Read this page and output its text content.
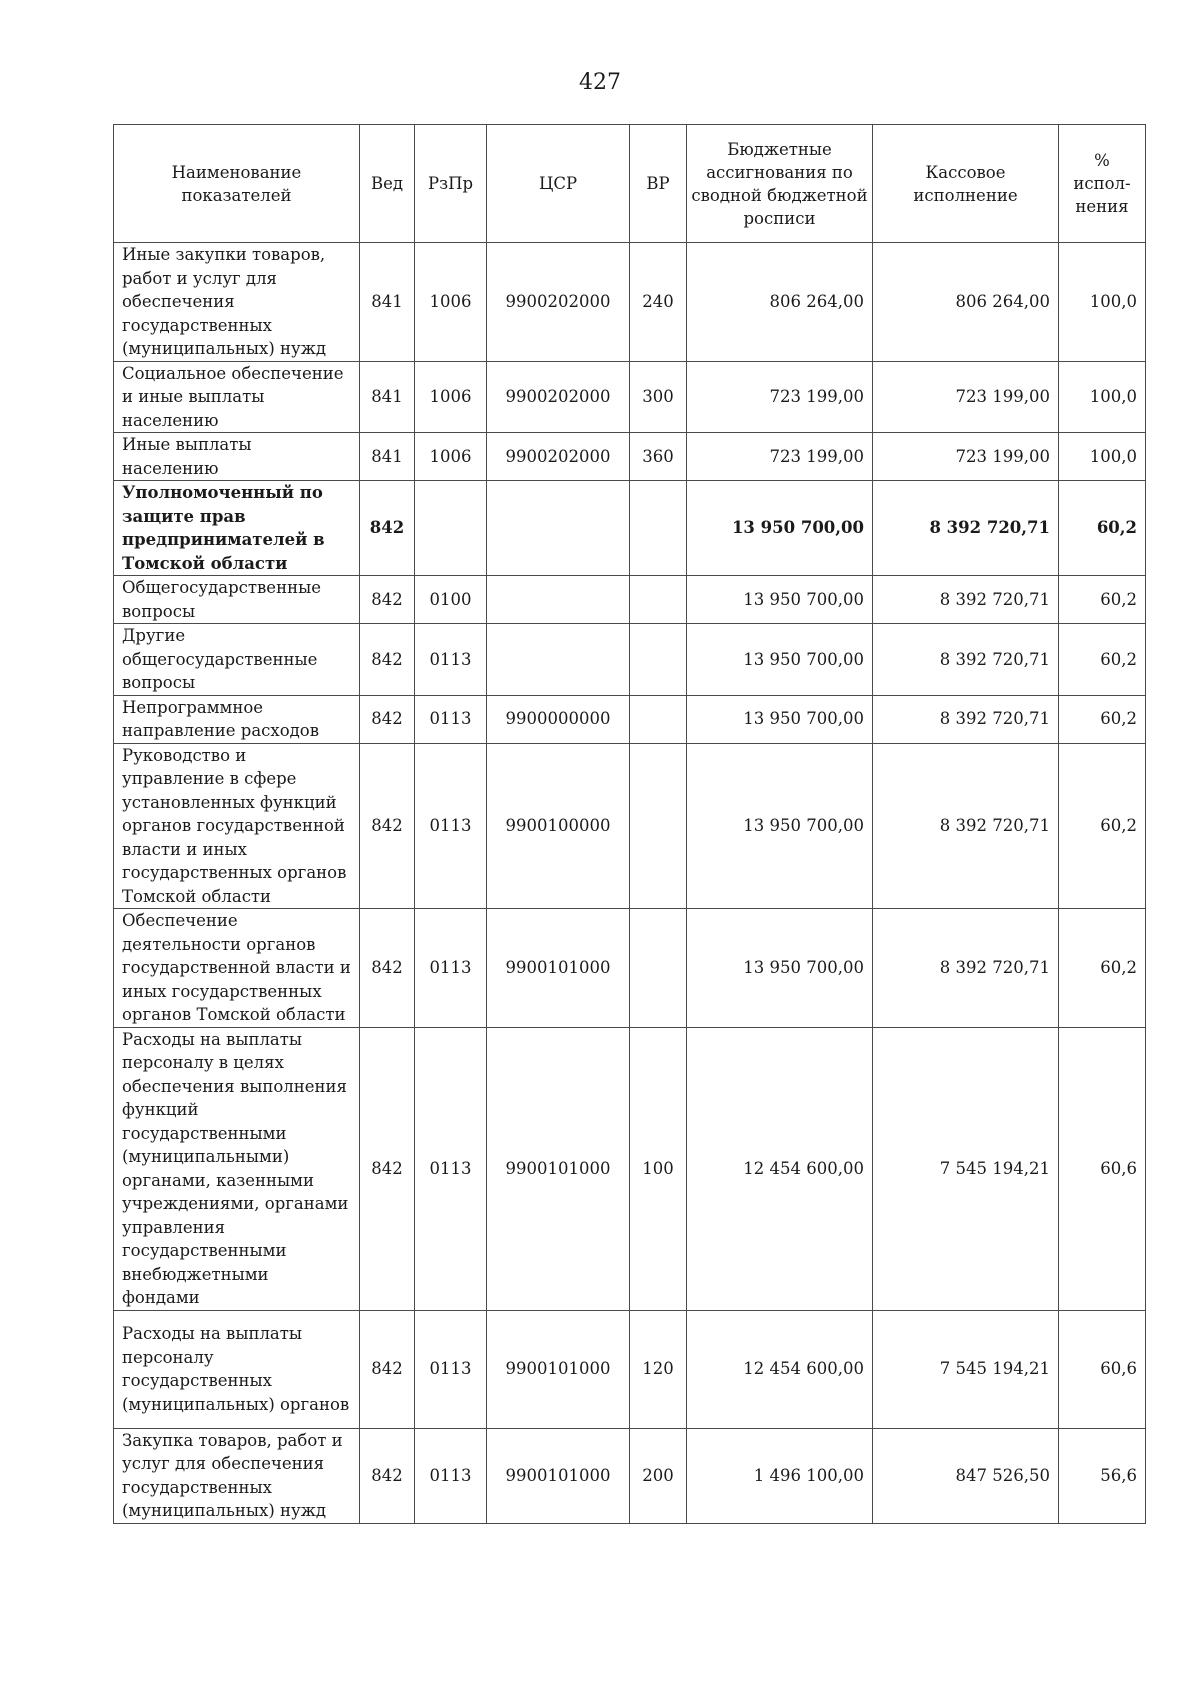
427
Наименование показателей	Вед	РзПр	ЦСР	ВР	Бюджетные ассигнования по сводной бюджетной росписи	Кассовое исполнение	% испол-нения
Иные закупки товаров, работ и услуг для обеспечения государственных (муниципальных) нужд	841	1006	9900202000	240	806 264,00	806 264,00	100,0
Социальное обеспечение и иные выплаты населению	841	1006	9900202000	300	723 199,00	723 199,00	100,0
Иные выплаты населению	841	1006	9900202000	360	723 199,00	723 199,00	100,0
Уполномоченный по защите прав предпринимателей в Томской области	842				13 950 700,00	8 392 720,71	60,2
Общегосударственные вопросы	842	0100			13 950 700,00	8 392 720,71	60,2
Другие общегосударственные вопросы	842	0113			13 950 700,00	8 392 720,71	60,2
Непрограммное направление расходов	842	0113	9900000000		13 950 700,00	8 392 720,71	60,2
Руководство и управление в сфере установленных функций органов государственной власти и иных государственных органов Томской области	842	0113	9900100000		13 950 700,00	8 392 720,71	60,2
Обеспечение деятельности органов государственной власти и иных государственных органов Томской области	842	0113	9900101000		13 950 700,00	8 392 720,71	60,2
Расходы на выплаты персоналу в целях обеспечения выполнения функций государственными (муниципальными) органами, казенными учреждениями, органами управления государственными внебюджетными фондами	842	0113	9900101000	100	12 454 600,00	7 545 194,21	60,6
Расходы на выплаты персоналу государственных (муниципальных) органов	842	0113	9900101000	120	12 454 600,00	7 545 194,21	60,6
Закупка товаров, работ и услуг для обеспечения государственных (муниципальных) нужд	842	0113	9900101000	200	1 496 100,00	847 526,50	56,6
